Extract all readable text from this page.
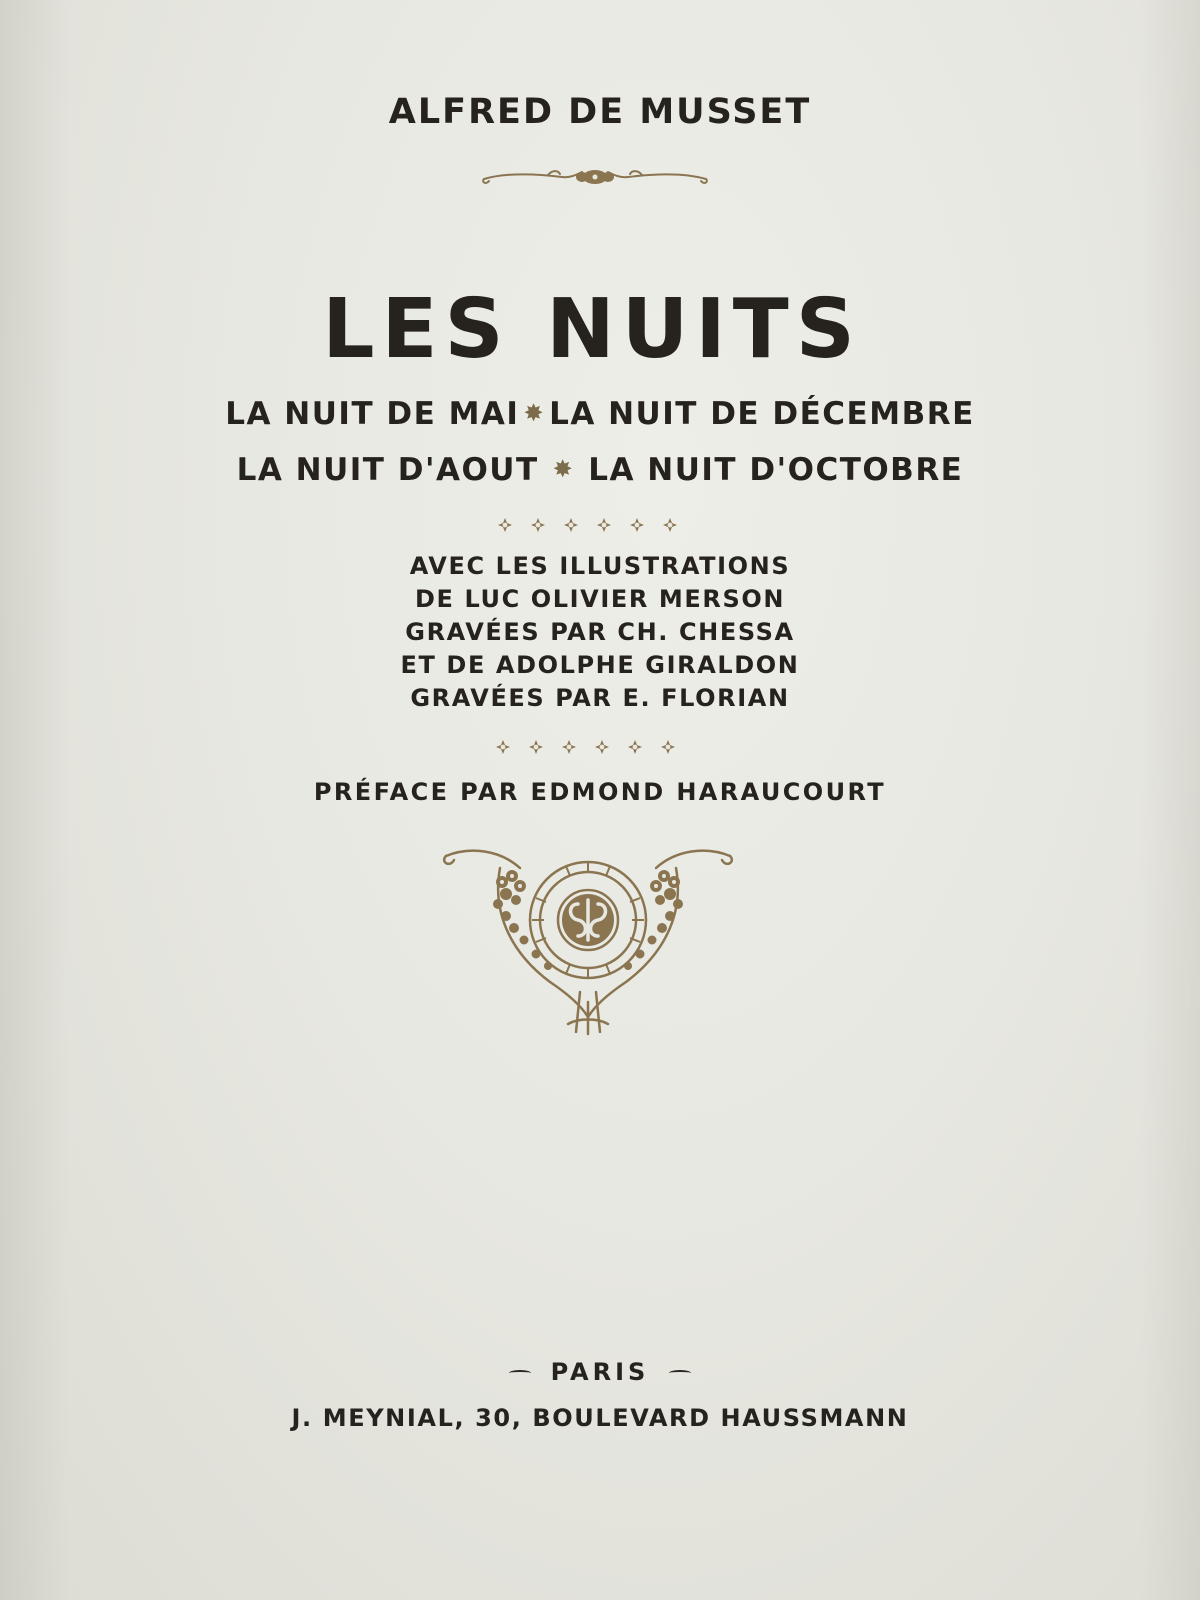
ALFRED DE MUSSET
LES NUITS
LA NUIT DE MAI ✸ LA NUIT DE DÉCEMBRE
LA NUIT D'AOUT ✸ LA NUIT D'OCTOBRE
AVEC LES ILLUSTRATIONS
DE LUC OLIVIER MERSON
GRAVÉES PAR CH. CHESSA
ET DE ADOLPHE GIRALDON
GRAVÉES PAR E. FLORIAN
PRÉFACE PAR EDMOND HARAUCOURT
PARIS
J. MEYNIAL, 30, BOULEVARD HAUSSMANN
